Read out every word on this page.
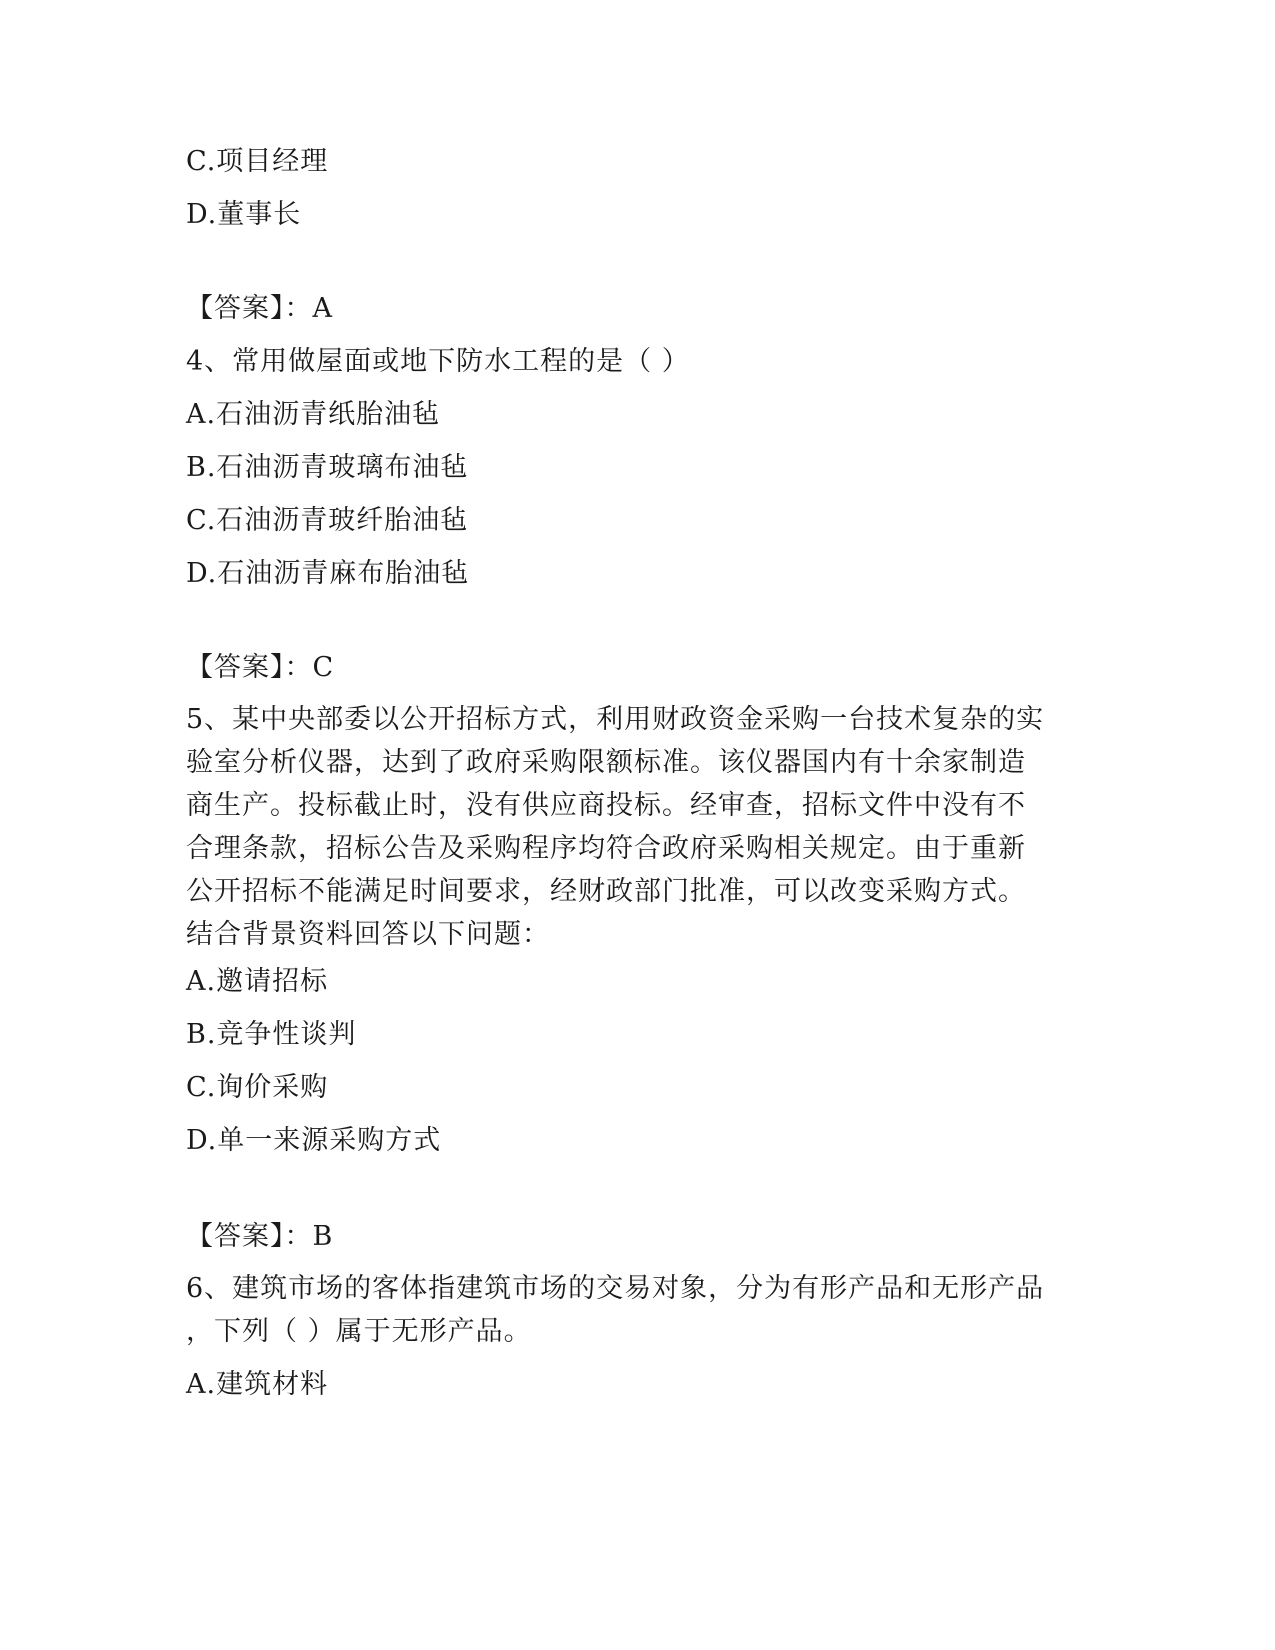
C.项目经理
D.董事长
【答案】：A
4、常用做屋面或地下防水工程的是（ ）
A.石油沥青纸胎油毡
B.石油沥青玻璃布油毡
C.石油沥青玻纤胎油毡
D.石油沥青麻布胎油毡
【答案】：C
5、某中央部委以公开招标方式，利用财政资金采购一台技术复杂的实
验室分析仪器，达到了政府采购限额标准。该仪器国内有十余家制造
商生产。投标截止时，没有供应商投标。经审查，招标文件中没有不
合理条款，招标公告及采购程序均符合政府采购相关规定。由于重新
公开招标不能满足时间要求，经财政部门批准，可以改变采购方式。
结合背景资料回答以下问题：
A.邀请招标
B.竞争性谈判
C.询价采购
D.单一来源采购方式
【答案】：B
6、建筑市场的客体指建筑市场的交易对象，分为有形产品和无形产品
，下列（ ）属于无形产品。
A.建筑材料
